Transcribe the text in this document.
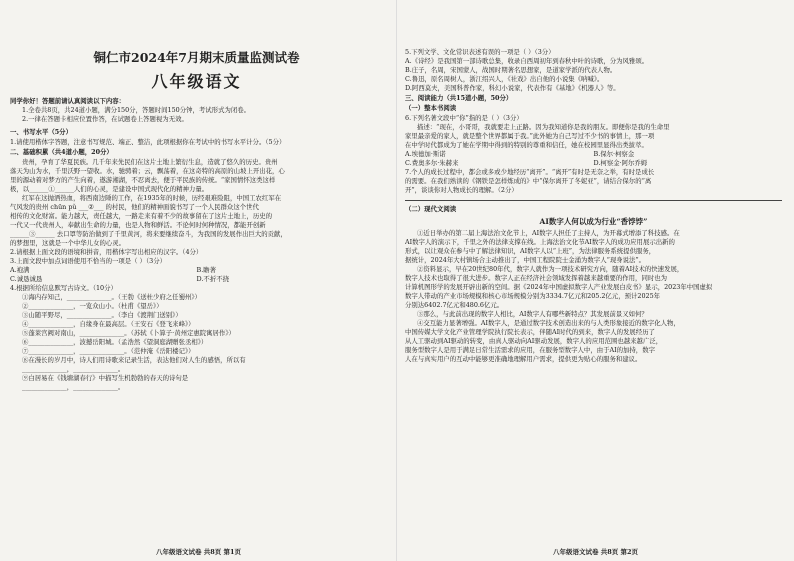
铜仁市2024年7月期末质量监测试卷
八年级语文

同学你好！答题前请认真阅读以下内容：

1.全卷共8页，共24道小题，满分150分，答题时间150分钟，考试形式为闭卷。

2.一律在答题卡相应位置作答，在试题卷上答题视为无效。

一、书写水平（5分）

1.请使用楷体字答题，注意书写规范、端正、整洁，此项根据你在考试中的书写水平计分。（5分）

二、基础积累（共4道小题，20分）

贵州，孕育了华夏民族。几千年来先民们在这片土地上繁衍生息，造就了悠久的历史。贵州

落天为山为水，千里沃野一望收。水，驰骋着；云，飘荡着，在这奇特的高原的山坡上开出花，心

里的源动着对梦方的产生向着，遨游湘湖，不忍离去，便于平民族的传统。“家国情怀这类这样

极，以______①______人们的心灵，是建设中国式现代化的精神力量。

红军在这抛洒热血，将西南边陲的工作，在1935年的时候，历经艰难险阻，中国工农红军在

气风发的贵州 chūn pǔ ___②___ 的村民，他们的精神面貌书写了一个人民群众这个世代

相传的文化财富。能力越大，责任越大，一路走来有着不少的故事留在了这片土地上，历史的

一代又一代贵州人，奉献出生命的力量，也是人物和鲜活。不论何时何种情况，都能开创新

______③______ 去口罩等防治做到了千里黄河，将来要继续奋斗，为我国的发展作出巨大的贡献，

的梦想里，这就是一个中华儿女的心灵。

2.请根据上面文段的语境和拼音，用楷体字写出相应的汉字。（4分）

3.上面文段中加点词语使用不恰当的一项是（ ）（3分）

A.袍满	B.瞻著
C.诚恳诚恳	D.不折不挠

4.根据所给信息默写古诗文。（10分）

①海内存知己，______________。（王勃《送杜少府之任蜀州》）

②______________，一览众山小。（杜甫《望岳》）

③山随平野尽，______________。（李白《渡荆门送别》）

④______________，自缘身在最高层。（王安石《登飞来峰》）

⑤蓬莱宫阙对南山，______________。（苏轼《卜算子·黄州定惠院寓居作》）

⑥______________，波撼岳阳城。（孟浩然《望洞庭湖赠张丞相》）

⑦______________，______________。（范仲淹《岳阳楼记》）

⑧在漫长的岁月中，诗人们用诗歌来记录生活，表达他们对人生的感悟，所以有

______________，______________。

⑨白居易在《钱塘湖春行》中描写生机勃勃的春天的诗句是

______________，______________。

八年级语文试卷 共8页 第1页

5.下列文学、文化常识表述有误的一项是（ ）（3分）

A.《诗经》是我国第一部诗歌总集，收录自西周初年到春秋中叶的诗歌，分为风雅颂。

B.庄子，名周，宋国蒙人，战国时期著名思想家，是道家学派的代表人物。

C.鲁迅，原名周树人，浙江绍兴人，《社戏》出自他的小说集《呐喊》。

D.阿西莫夫，美国科普作家，科幻小说家，代表作有《基地》《机器人》等。

三、阅读能力（共15道小题，50分）

（一）整本书阅读

6.下列名著文段中“你”指的是（ ）（3分）

描述：“现在，小哥哥，我就要走上正路。因为我知道你是我的朋友。即便你是我的生命里

家里最亲爱的家人，就是整个世界都属于我。”此外她为自己写过不少书的事情上，那一项

在中学时代都成为了她在学期中得到的特别的尊重和信任，她在校园里显得出类拔萃。

A.埃德加·斯诺	B.保尔·柯察金
C.费奥多尔·朱赫来	D.柯察金·阿尔乔姆

7.个人的成长过程中，都会或多或少地经历“离开”。“离开”有时是无奈之举，有时是成长

的需要。在我们熟读的《钢铁是怎样炼成的》中“保尔离开了冬妮亚”，请结合保尔的“离

开”，谈谈你对人物成长的理解。（2分）

（二）现代文阅读

AI数字人何以成为行业“香饽饽”

①近日举办的第二届上海法治文化节上，AI数字人担任了主持人，为开幕式增添了科技感。在

AI数字人的演示下，千里之外的法律支撑在线。上海法治文化节AI数字人的成功应用展示出新的

形式，以让观众在参与中了解法律知识，AI数字人以“上班”，为法律服务系统提供服务，

据统计，2024年大村镇场合主动推出了，中国工程院院士金涌为数字人“现身说法”。

②资料显示，早在20世纪80年代，数字人就作为一项技术研究方向，随着AI技术的快速发展，

数字人技术也取得了很大进步。数字人正在经济社会领域发挥着越来越重要的作用，同时也为

计算机图形学的发展开辟出新的空间。据《2024年中国虚拟数字人产业发展白皮书》显示，2023年中国虚拟

数字人带动的产业市场规模和核心市场规模分别为3334.7亿元和205.2亿元，预计2025年

分别达6402.7亿元和480.6亿元。

③那么，与此前出现的数字人相比，AI数字人有哪些新特点？其发展前景又如何？

④交互能力显著增强。AI数字人，是通过数字技术创造出来的与人类形象接近的数字化人物，

中国传媒大学文化产业管理学院执行院长表示，伴随AI时代的到来，数字人的发展经历了

从人工驱动到AI驱动的转变，由真人驱动向AI驱动发展，数字人的应用范围也越来越广泛，

服务型数字人是用于满足日常生活需求的应用，在服务型数字人中，由于AI的加持，数字

人在与真实用户的互动中能够更准确地理解用户需求，提供更为贴心的服务和建议。

八年级语文试卷 共8页 第2页
